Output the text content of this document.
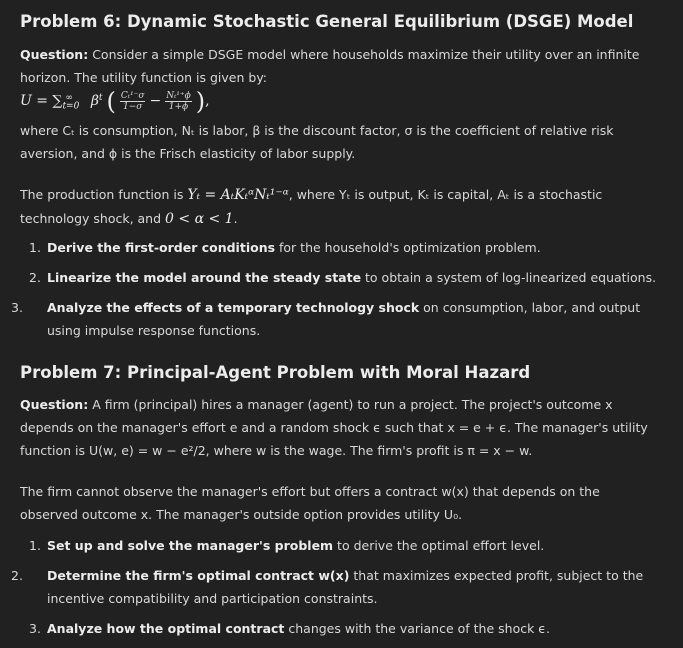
Problem 6: Dynamic Stochastic General Equilibrium (DSGE) Model
Question: Consider a simple DSGE model where households maximize their utility over an infinite horizon. The utility function is given by:
$U = \sum_{t=0}^\infty$ $\beta^t$ ( $\frac{\text{Cₜ¹⁻σ}}{1-\sigma} - \frac{\text{Nₜ¹⁺ϕ}}{1+\phi}$ ),
where Cₜ is consumption, Nₜ is labor, β is the discount factor, σ is the coefficient of relative risk aversion, and ϕ is the Frisch elasticity of labor supply.
The production function is Yₜ = AₜKₜᵅNₜ¹⁻ᵅ, where Yₜ is output, Kₜ is capital, Aₜ is a stochastic technology shock, and 0 < α < 1.
1. Derive the first-order conditions for the household's optimization problem.
2. Linearize the model around the steady state to obtain a system of log-linearized equations.
3. Analyze the effects of a temporary technology shock on consumption, labor, and output using impulse response functions.
Problem 7: Principal-Agent Problem with Moral Hazard
Question: A firm (principal) hires a manager (agent) to run a project. The project's outcome x depends on the manager's effort e and a random shock ϵ such that x = e + ϵ. The manager's utility function is U(w, e) = w − e²/2, where w is the wage. The firm's profit is π = x − w.
The firm cannot observe the manager's effort but offers a contract w(x) that depends on the observed outcome x. The manager's outside option provides utility U₀.
1. Set up and solve the manager's problem to derive the optimal effort level.
2. Determine the firm's optimal contract w(x) that maximizes expected profit, subject to the incentive compatibility and participation constraints.
3. Analyze how the optimal contract changes with the variance of the shock ϵ.
